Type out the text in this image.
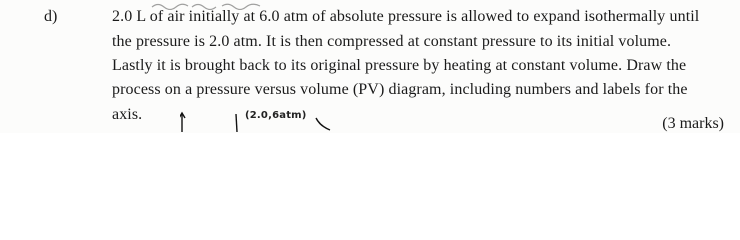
d)	2.0 L of air initially at 6.0 atm of absolute pressure is allowed to expand isothermally until
the pressure is 2.0 atm. It is then compressed at constant pressure to its initial volume.
Lastly it is brought back to its original pressure by heating at constant volume. Draw the
process on a pressure versus volume (PV) diagram, including numbers and labels for the
axis.	(2.0,6atm)	(3 marks)
